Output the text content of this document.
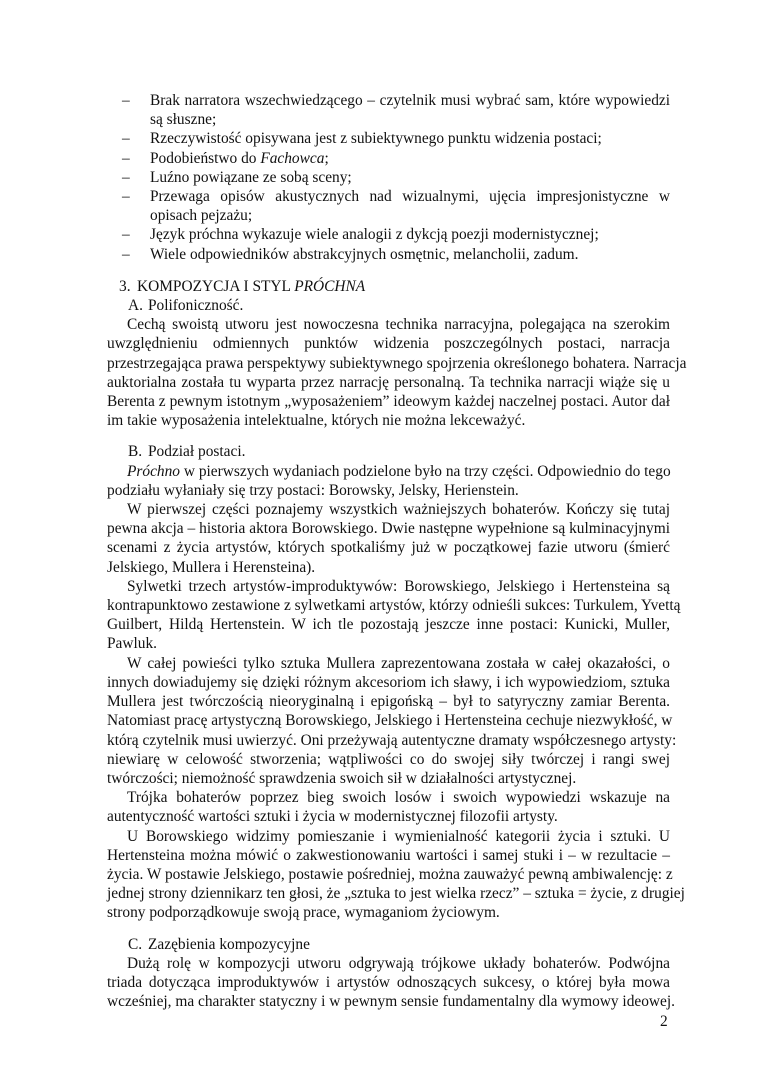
– Brak narratora wszechwiedzącego – czytelnik musi wybrać sam, które wypowiedzi
są słuszne;
– Rzeczywistość opisywana jest z subiektywnego punktu widzenia postaci;
– Podobieństwo do Fachowca;
– Luźno powiązane ze sobą sceny;
– Przewaga opisów akustycznych nad wizualnymi, ujęcia impresjonistyczne w
opisach pejzażu;
– Język próchna wykazuje wiele analogii z dykcją poezji modernistycznej;
– Wiele odpowiedników abstrakcyjnych osmętnic, melancholii, zadum.
3. KOMPOZYCJA I STYL PRÓCHNA
A. Polifoniczność.
Cechą swoistą utworu jest nowoczesna technika narracyjna, polegająca na szerokim
uwzględnieniu odmiennych punktów widzenia poszczególnych postaci, narracja
przestrzegająca prawa perspektywy subiektywnego spojrzenia określonego bohatera. Narracja
auktorialna została tu wyparta przez narrację personalną. Ta technika narracji wiąże się u
Berenta z pewnym istotnym „wyposażeniem” ideowym każdej naczelnej postaci. Autor dał
im takie wyposażenia intelektualne, których nie można lekceważyć.
B. Podział postaci.
Próchno w pierwszych wydaniach podzielone było na trzy części. Odpowiednio do tego
podziału wyłaniały się trzy postaci: Borowsky, Jelsky, Herienstein.
W pierwszej części poznajemy wszystkich ważniejszych bohaterów. Kończy się tutaj
pewna akcja – historia aktora Borowskiego. Dwie następne wypełnione są kulminacyjnymi
scenami z życia artystów, których spotkaliśmy już w początkowej fazie utworu (śmierć
Jelskiego, Mullera i Herensteina).
Sylwetki trzech artystów-improduktywów: Borowskiego, Jelskiego i Hertensteina są
kontrapunktowo zestawione z sylwetkami artystów, którzy odnieśli sukces: Turkulem, Yvettą
Guilbert, Hildą Hertenstein. W ich tle pozostają jeszcze inne postaci: Kunicki, Muller,
Pawluk.
W całej powieści tylko sztuka Mullera zaprezentowana została w całej okazałości, o
innych dowiadujemy się dzięki różnym akcesoriom ich sławy, i ich wypowiedziom, sztuka
Mullera jest twórczością nieoryginalną i epigońską – był to satyryczny zamiar Berenta.
Natomiast pracę artystyczną Borowskiego, Jelskiego i Hertensteina cechuje niezwykłość, w
którą czytelnik musi uwierzyć. Oni przeżywają autentyczne dramaty współczesnego artysty:
niewiarę w celowość stworzenia; wątpliwości co do swojej siły twórczej i rangi swej
twórczości; niemożność sprawdzenia swoich sił w działalności artystycznej.
Trójka bohaterów poprzez bieg swoich losów i swoich wypowiedzi wskazuje na
autentyczność wartości sztuki i życia w modernistycznej filozofii artysty.
U Borowskiego widzimy pomieszanie i wymienialność kategorii życia i sztuki. U
Hertensteina można mówić o zakwestionowaniu wartości i samej stuki i – w rezultacie –
życia. W postawie Jelskiego, postawie pośredniej, można zauważyć pewną ambiwalencję: z
jednej strony dziennikarz ten głosi, że „sztuka to jest wielka rzecz” – sztuka = życie, z drugiej
strony podporządkowuje swoją prace, wymaganiom życiowym.
C. Zazębienia kompozycyjne
Dużą rolę w kompozycji utworu odgrywają trójkowe układy bohaterów. Podwójna
triada dotycząca improduktywów i artystów odnoszących sukcesy, o której była mowa
wcześniej, ma charakter statyczny i w pewnym sensie fundamentalny dla wymowy ideowej.
2
